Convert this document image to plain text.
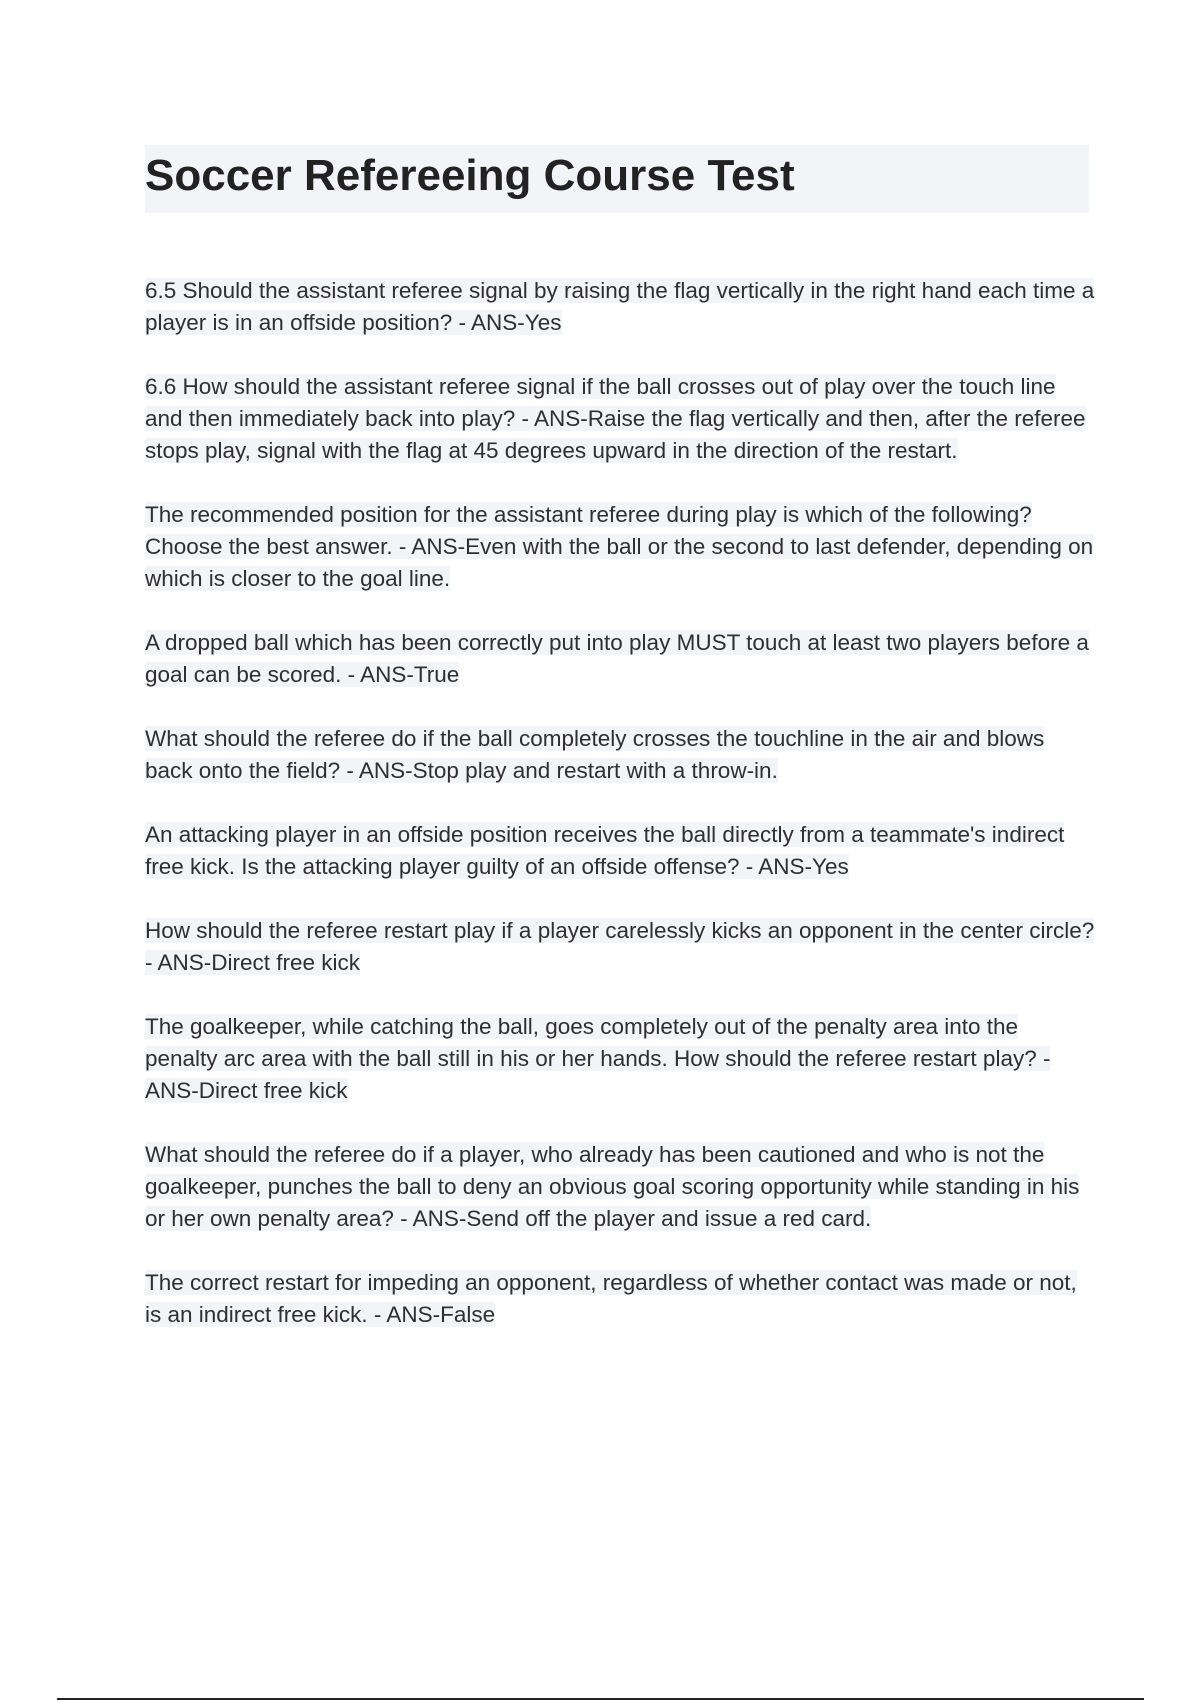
Soccer Refereeing Course Test

6.5 Should the assistant referee signal by raising the flag vertically in the right hand each time a player is in an offside position? - ANS-Yes

6.6 How should the assistant referee signal if the ball crosses out of play over the touch line and then immediately back into play? - ANS-Raise the flag vertically and then, after the referee stops play, signal with the flag at 45 degrees upward in the direction of the restart.

The recommended position for the assistant referee during play is which of the following? Choose the best answer. - ANS-Even with the ball or the second to last defender, depending on which is closer to the goal line.

A dropped ball which has been correctly put into play MUST touch at least two players before a goal can be scored. - ANS-True

What should the referee do if the ball completely crosses the touchline in the air and blows back onto the field? - ANS-Stop play and restart with a throw-in.

An attacking player in an offside position receives the ball directly from a teammate's indirect free kick. Is the attacking player guilty of an offside offense? - ANS-Yes

How should the referee restart play if a player carelessly kicks an opponent in the center circle? - ANS-Direct free kick

The goalkeeper, while catching the ball, goes completely out of the penalty area into the penalty arc area with the ball still in his or her hands. How should the referee restart play? - ANS-Direct free kick

What should the referee do if a player, who already has been cautioned and who is not the goalkeeper, punches the ball to deny an obvious goal scoring opportunity while standing in his or her own penalty area? - ANS-Send off the player and issue a red card.

The correct restart for impeding an opponent, regardless of whether contact was made or not, is an indirect free kick. - ANS-False
